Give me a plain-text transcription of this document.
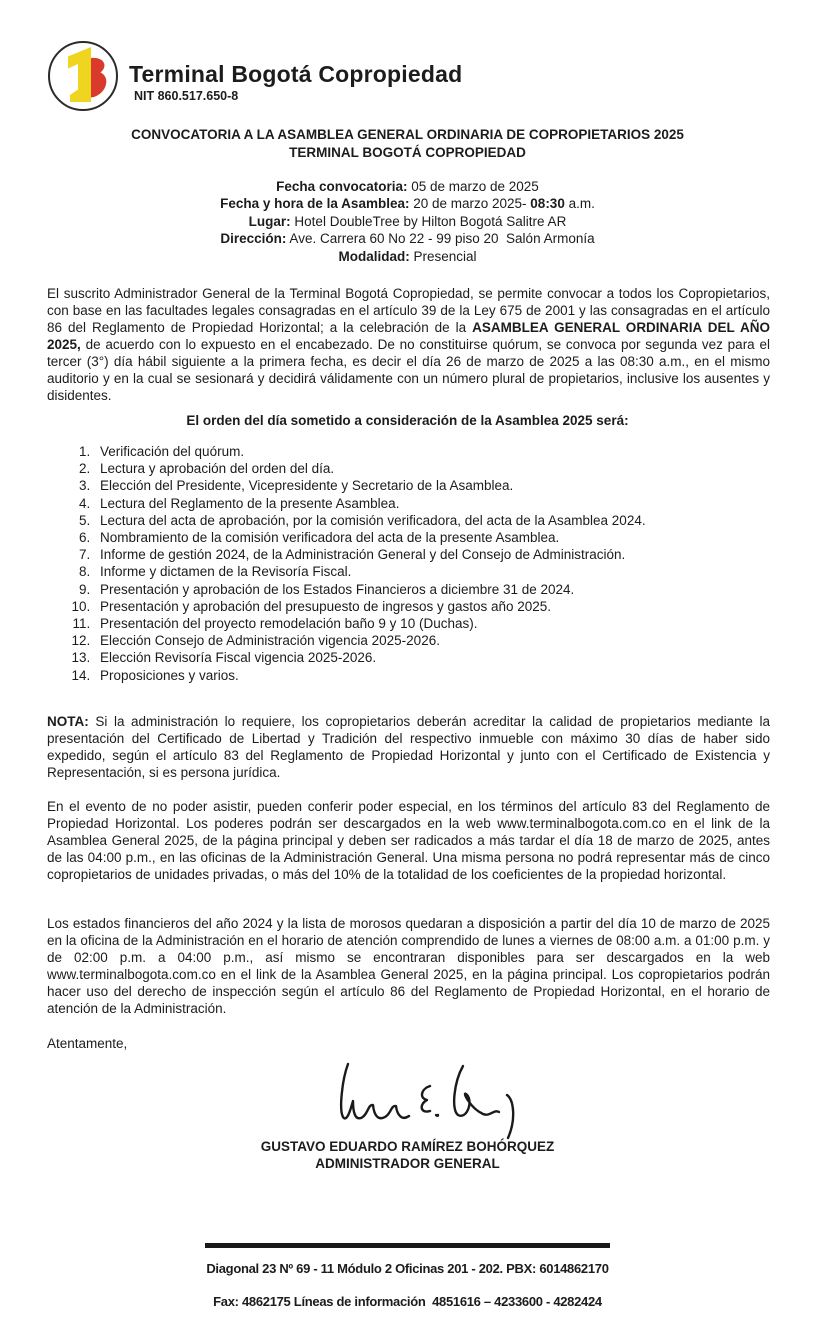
Terminal Bogotá Copropiedad
NIT 860.517.650-8
CONVOCATORIA A LA ASAMBLEA GENERAL ORDINARIA DE COPROPIETARIOS 2025
TERMINAL BOGOTÁ COPROPIEDAD
Fecha convocatoria: 05 de marzo de 2025
Fecha y hora de la Asamblea: 20 de marzo 2025- 08:30 a.m.
Lugar: Hotel DoubleTree by Hilton Bogotá Salitre AR
Dirección: Ave. Carrera 60 No 22 - 99 piso 20  Salón Armonía
Modalidad: Presencial

El suscrito Administrador General de la Terminal Bogotá Copropiedad, se permite convocar a todos los Copropietarios, con base en las facultades legales consagradas en el artículo 39 de la Ley 675 de 2001 y las consagradas en el artículo 86 del Reglamento de Propiedad Horizontal; a la celebración de la ASAMBLEA GENERAL ORDINARIA DEL AÑO 2025, de acuerdo con lo expuesto en el encabezado. De no constituirse quórum, se convoca por segunda vez para el tercer (3°) día hábil siguiente a la primera fecha, es decir el día 26 de marzo de 2025 a las 08:30 a.m., en el mismo auditorio y en la cual se sesionará y decidirá válidamente con un número plural de propietarios, inclusive los ausentes y disidentes.

El orden del día sometido a consideración de la Asamblea 2025 será:
1. Verificación del quórum.
2. Lectura y aprobación del orden del día.
3. Elección del Presidente, Vicepresidente y Secretario de la Asamblea.
4. Lectura del Reglamento de la presente Asamblea.
5. Lectura del acta de aprobación, por la comisión verificadora, del acta de la Asamblea 2024.
6. Nombramiento de la comisión verificadora del acta de la presente Asamblea.
7. Informe de gestión 2024, de la Administración General y del Consejo de Administración.
8. Informe y dictamen de la Revisoría Fiscal.
9. Presentación y aprobación de los Estados Financieros a diciembre 31 de 2024.
10. Presentación y aprobación del presupuesto de ingresos y gastos año 2025.
11. Presentación del proyecto remodelación baño 9 y 10 (Duchas).
12. Elección Consejo de Administración vigencia 2025-2026.
13. Elección Revisoría Fiscal vigencia 2025-2026.
14. Proposiciones y varios.

NOTA: Si la administración lo requiere, los copropietarios deberán acreditar la calidad de propietarios mediante la presentación del Certificado de Libertad y Tradición del respectivo inmueble con máximo 30 días de haber sido expedido, según el artículo 83 del Reglamento de Propiedad Horizontal y junto con el Certificado de Existencia y Representación, si es persona jurídica.

En el evento de no poder asistir, pueden conferir poder especial, en los términos del artículo 83 del Reglamento de Propiedad Horizontal. Los poderes podrán ser descargados en la web www.terminalbogota.com.co en el link de la Asamblea General 2025, de la página principal y deben ser radicados a más tardar el día 18 de marzo de 2025, antes de las 04:00 p.m., en las oficinas de la Administración General. Una misma persona no podrá representar más de cinco copropietarios de unidades privadas, o más del 10% de la totalidad de los coeficientes de la propiedad horizontal.

Los estados financieros del año 2024 y la lista de morosos quedaran a disposición a partir del día 10 de marzo de 2025 en la oficina de la Administración en el horario de atención comprendido de lunes a viernes de 08:00 a.m. a 01:00 p.m. y de 02:00 p.m. a 04:00 p.m., así mismo se encontraran disponibles para ser descargados en la web www.terminalbogota.com.co en el link de la Asamblea General 2025, en la página principal. Los copropietarios podrán hacer uso del derecho de inspección según el artículo 86 del Reglamento de Propiedad Horizontal, en el horario de atención de la Administración.

Atentamente,
GUSTAVO EDUARDO RAMÍREZ BOHÓRQUEZ
ADMINISTRADOR GENERAL
Diagonal 23 Nº 69 - 11 Módulo 2 Oficinas 201 - 202. PBX: 6014862170
Fax: 4862175 Líneas de información  4851616 – 4233600 - 4282424
